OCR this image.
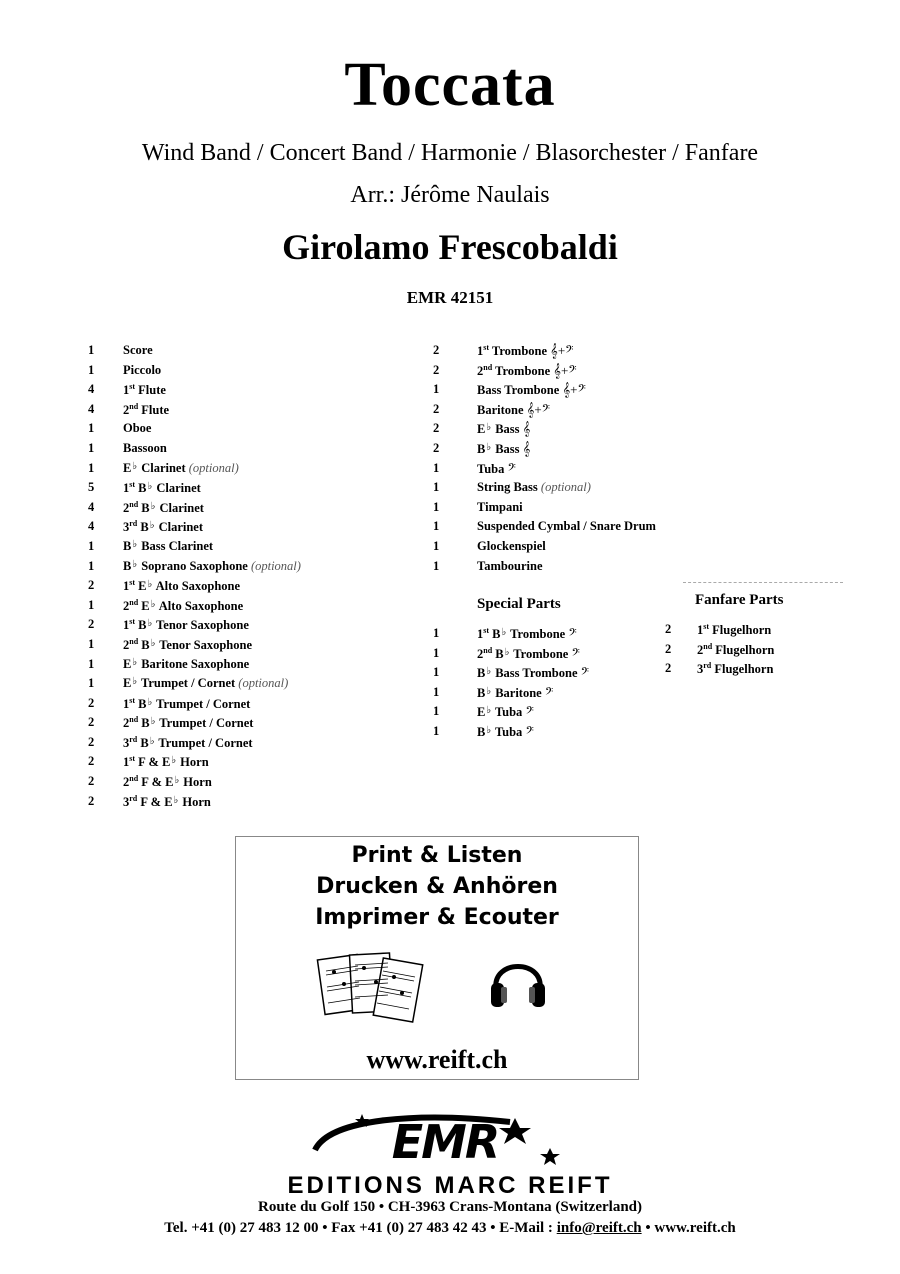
Toccata
Wind Band / Concert Band / Harmonie / Blasorchester / Fanfare
Arr.: Jérôme Naulais
Girolamo Frescobaldi
EMR 42151
1 Score
1 Piccolo
4 1st Flute
4 2nd Flute
1 Oboe
1 Bassoon
1 E♭ Clarinet (optional)
5 1st B♭ Clarinet
4 2nd B♭ Clarinet
4 3rd B♭ Clarinet
1 B♭ Bass Clarinet
1 B♭ Soprano Saxophone (optional)
2 1st E♭ Alto Saxophone
1 2nd E♭ Alto Saxophone
2 1st B♭ Tenor Saxophone
1 2nd B♭ Tenor Saxophone
1 E♭ Baritone Saxophone
1 E♭ Trumpet / Cornet (optional)
2 1st B♭ Trumpet / Cornet
2 2nd B♭ Trumpet / Cornet
2 3rd B♭ Trumpet / Cornet
2 1st F & E♭ Horn
2 2nd F & E♭ Horn
2 3rd F & E♭ Horn
2	1st Trombone 𝄞+𝄢
2	2nd Trombone 𝄞+𝄢
1	Bass Trombone 𝄞+𝄢
2	Baritone 𝄞+𝄢
2	E♭ Bass 𝄞
2	B♭ Bass 𝄞
1	Tuba 𝄢
1	String Bass (optional)
1	Timpani
1	Suspended Cymbal / Snare Drum
1	Glockenspiel
1	Tambourine
Special Parts
1	1st B♭ Trombone 𝄢
1	2nd B♭ Trombone 𝄢
1	B♭ Bass Trombone 𝄢
1	B♭ Baritone 𝄢
1	E♭ Tuba 𝄢
1	B♭ Tuba 𝄢
Fanfare Parts
2 1st Flugelhorn
2 2nd Flugelhorn
2 3rd Flugelhorn
Print & Listen
Drucken & Anhören
Imprimer & Ecouter
www.reift.ch
EMR
EDITIONS MARC REIFT
Route du Golf 150 • CH-3963 Crans-Montana (Switzerland)
Tel. +41 (0) 27 483 12 00 • Fax +41 (0) 27 483 42 43 • E-Mail : info@reift.ch • www.reift.ch
